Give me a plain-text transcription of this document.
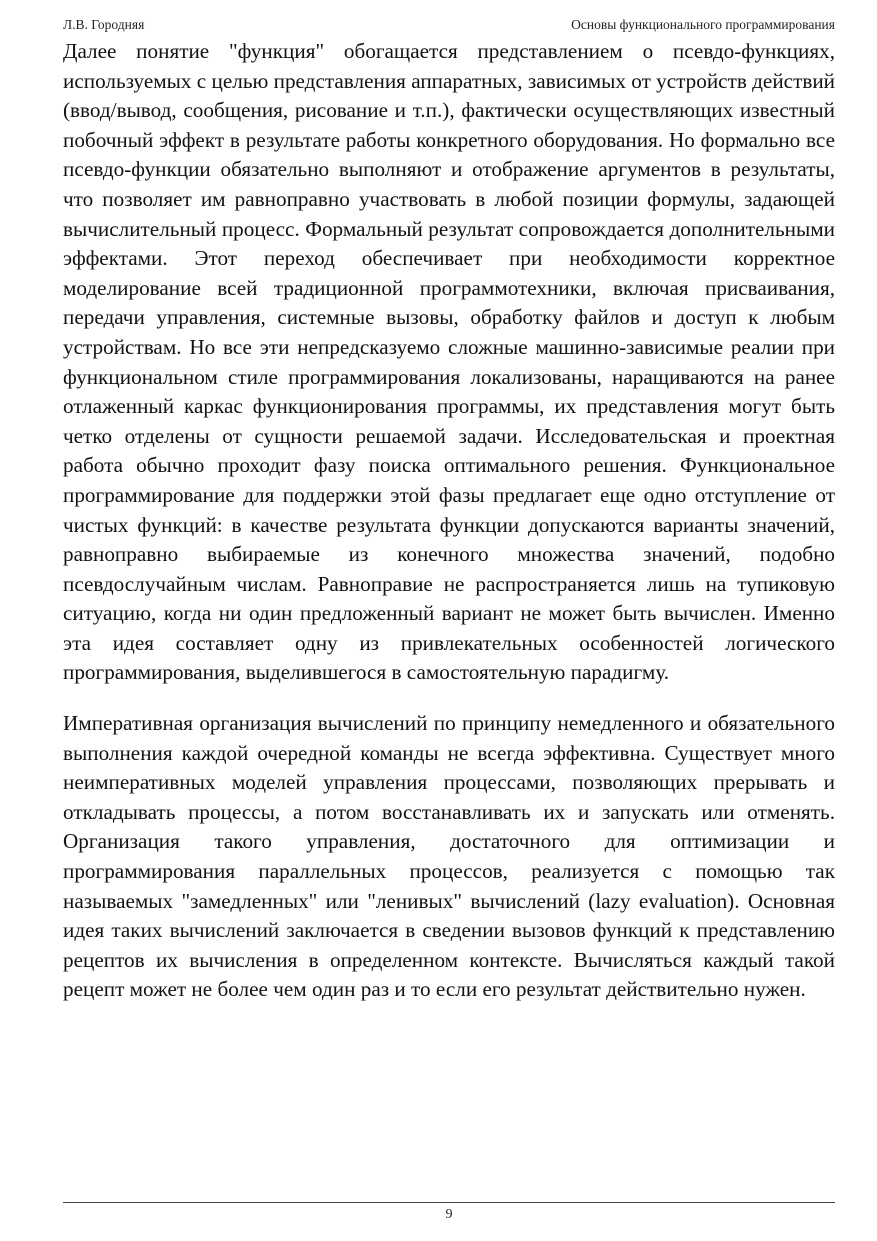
Л.В. Городняя	Основы функционального программирования

Далее понятие "функция" обогащается представлением о псевдо-функциях, используемых с целью представления аппаратных, зависимых от устройств действий (ввод/вывод, сообщения, рисование и т.п.), фактически осуществляющих известный побочный эффект в результате работы конкретного оборудования. Но формально все псевдо-функции обязательно выполняют и отображение аргументов в результаты, что позволяет им равноправно участвовать в любой позиции формулы, задающей вычислительный процесс. Формальный результат сопровождается дополнительными эффектами. Этот переход обеспечивает при необходимости корректное моделирование всей традиционной программотехники, включая присваивания, передачи управления, системные вызовы, обработку файлов и доступ к любым устройствам. Но все эти непредсказуемо сложные машинно-зависимые реалии при функциональном стиле программирования локализованы, наращиваются на ранее отлаженный каркас функционирования программы, их представления могут быть четко отделены от сущности решаемой задачи. Исследовательская и проектная работа обычно проходит фазу поиска оптимального решения. Функциональное программирование для поддержки этой фазы предлагает еще одно отступление от чистых функций: в качестве результата функции допускаются варианты значений, равноправно выбираемые из конечного множества значений, подобно псевдослучайным числам. Равноправие не распространяется лишь на тупиковую ситуацию, когда ни один предложенный вариант не может быть вычислен. Именно эта идея составляет одну из привлекательных особенностей логического программирования, выделившегося в самостоятельную парадигму.

Императивная организация вычислений по принципу немедленного и обязательного выполнения каждой очередной команды не всегда эффективна. Существует много неимперативных моделей управления процессами, позволяющих прерывать и откладывать процессы, а потом восстанавливать их и запускать или отменять. Организация такого управления, достаточного для оптимизации и программирования параллельных процессов, реализуется с помощью так называемых "замедленных" или "ленивых" вычислений (lazy evaluation). Основная идея таких вычислений заключается в сведении вызовов функций к представлению рецептов их вычисления в определенном контексте. Вычисляться каждый такой рецепт может не более чем один раз и то если его результат действительно нужен.

9
